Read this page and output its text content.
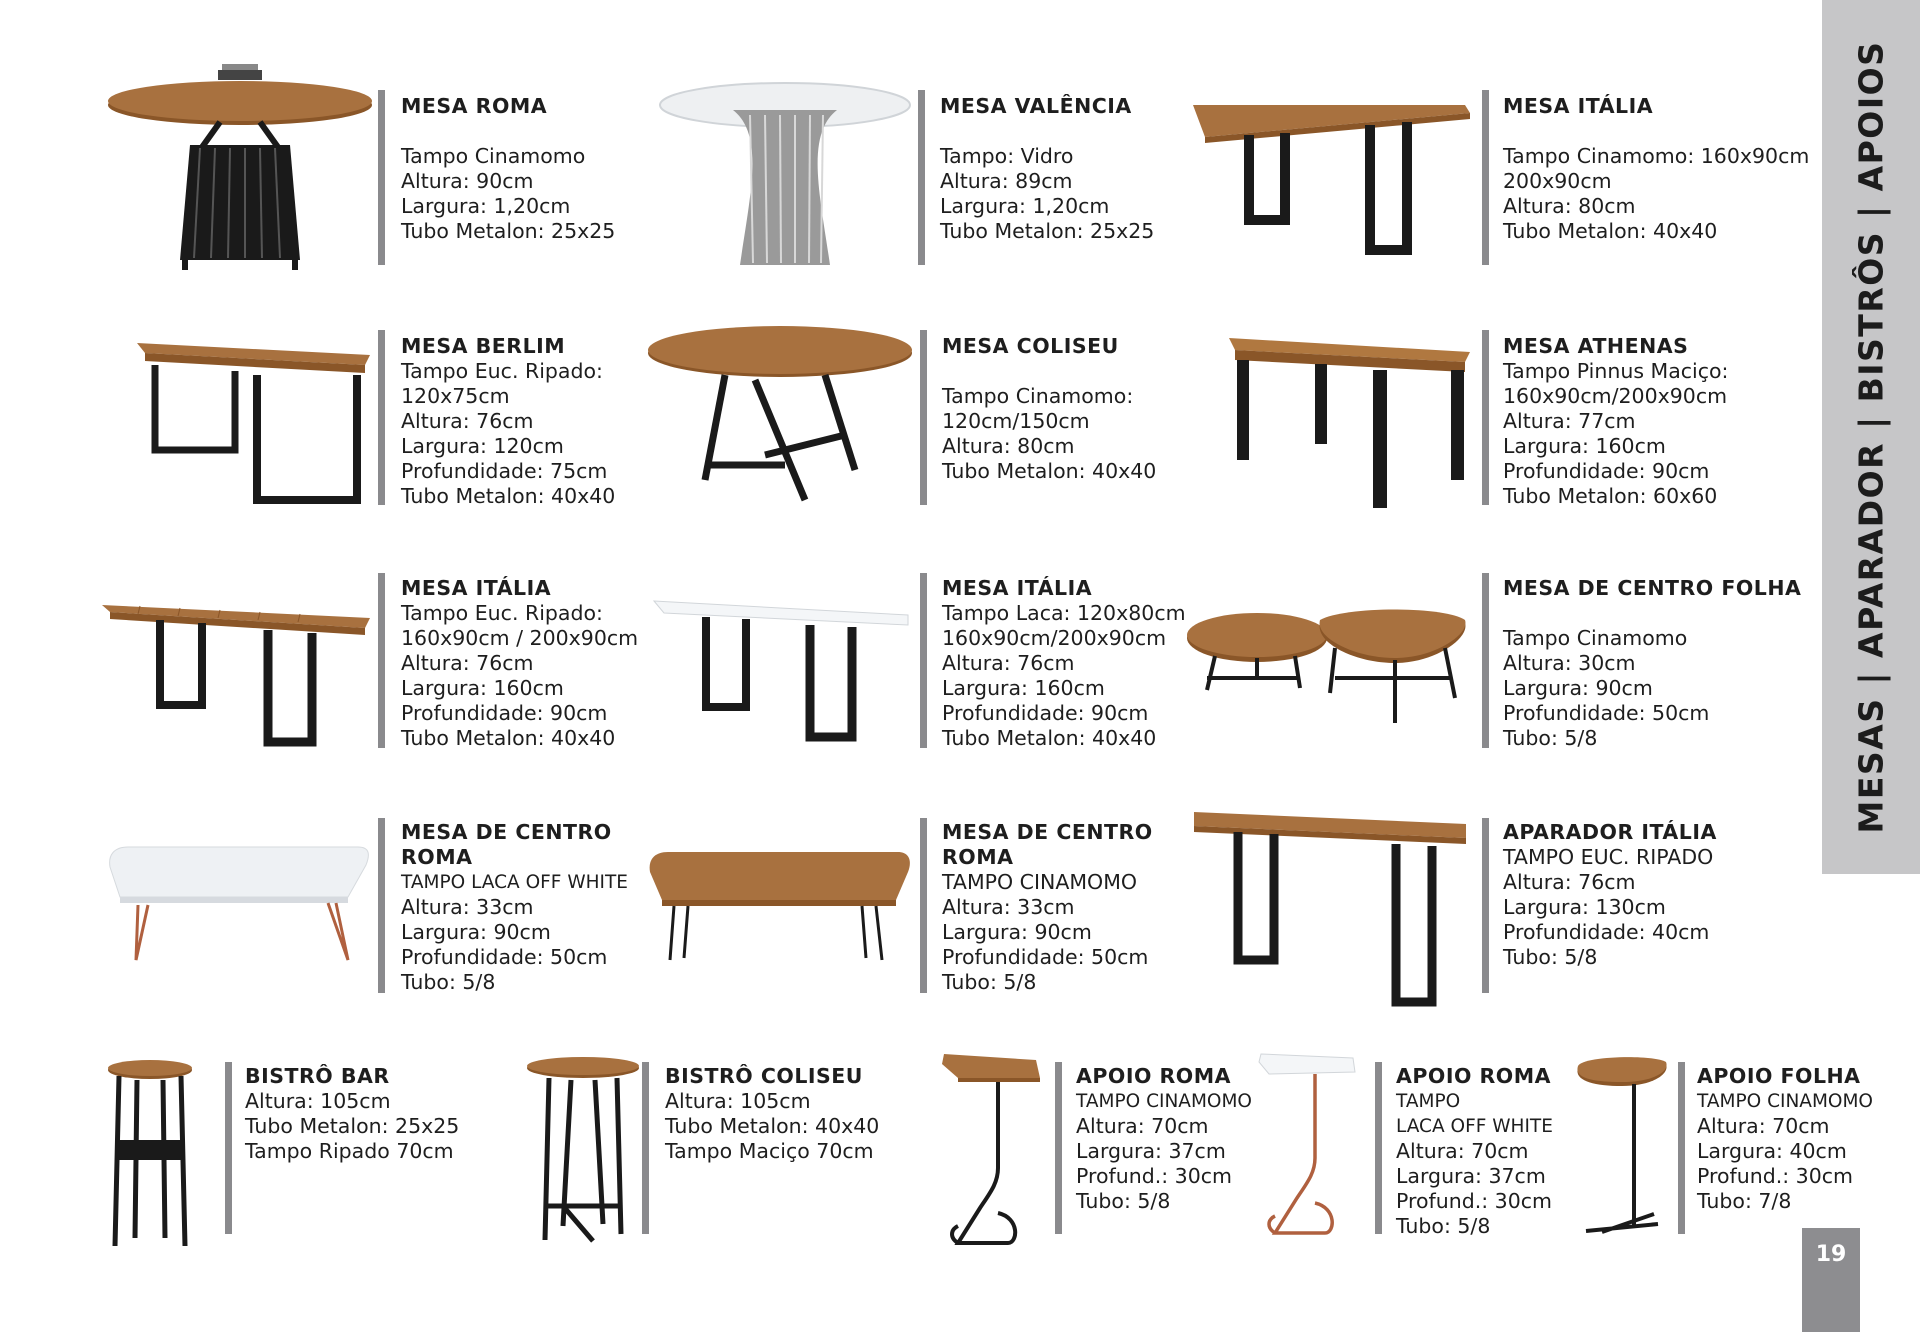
MESAS | APARADOR | BISTRÔS | APOIOS
19
MESA ROMA
Tampo Cinamomo
Altura: 90cm
Largura: 1,20cm
Tubo Metalon: 25x25
MESA VALÊNCIA
Tampo: Vidro
Altura: 89cm
Largura: 1,20cm
Tubo Metalon: 25x25
MESA ITÁLIA
Tampo Cinamomo: 160x90cm
200x90cm
Altura: 80cm
Tubo Metalon: 40x40
MESA BERLIM
Tampo Euc. Ripado:
120x75cm
Altura: 76cm
Largura: 120cm
Profundidade: 75cm
Tubo Metalon: 40x40
MESA COLISEU
Tampo Cinamomo:
120cm/150cm
Altura: 80cm
Tubo Metalon: 40x40
MESA ATHENAS
Tampo Pinnus Maciço:
160x90cm/200x90cm
Altura: 77cm
Largura: 160cm
Profundidade: 90cm
Tubo Metalon: 60x60
MESA ITÁLIA
Tampo Euc. Ripado:
160x90cm / 200x90cm
Altura: 76cm
Largura: 160cm
Profundidade: 90cm
Tubo Metalon: 40x40
MESA ITÁLIA
Tampo Laca: 120x80cm
160x90cm/200x90cm
Altura: 76cm
Largura: 160cm
Profundidade: 90cm
Tubo Metalon: 40x40
MESA DE CENTRO FOLHA
Tampo Cinamomo
Altura: 30cm
Largura: 90cm
Profundidade: 50cm
Tubo: 5/8
MESA DE CENTRO
ROMA
TAMPO LACA OFF WHITE
Altura: 33cm
Largura: 90cm
Profundidade: 50cm
Tubo: 5/8
MESA DE CENTRO
ROMA
TAMPO CINAMOMO
Altura: 33cm
Largura: 90cm
Profundidade: 50cm
Tubo: 5/8
APARADOR ITÁLIA
TAMPO EUC. RIPADO
Altura: 76cm
Largura: 130cm
Profundidade: 40cm
Tubo: 5/8
BISTRÔ BAR
Altura: 105cm
Tubo Metalon: 25x25
Tampo Ripado 70cm
BISTRÔ COLISEU
Altura: 105cm
Tubo Metalon: 40x40
Tampo Maciço 70cm
APOIO ROMA
TAMPO CINAMOMO
Altura: 70cm
Largura: 37cm
Profund.: 30cm
Tubo: 5/8
APOIO ROMA
TAMPO
LACA OFF WHITE
Altura: 70cm
Largura: 37cm
Profund.: 30cm
Tubo: 5/8
APOIO FOLHA
TAMPO CINAMOMO
Altura: 70cm
Largura: 40cm
Profund.: 30cm
Tubo: 7/8
